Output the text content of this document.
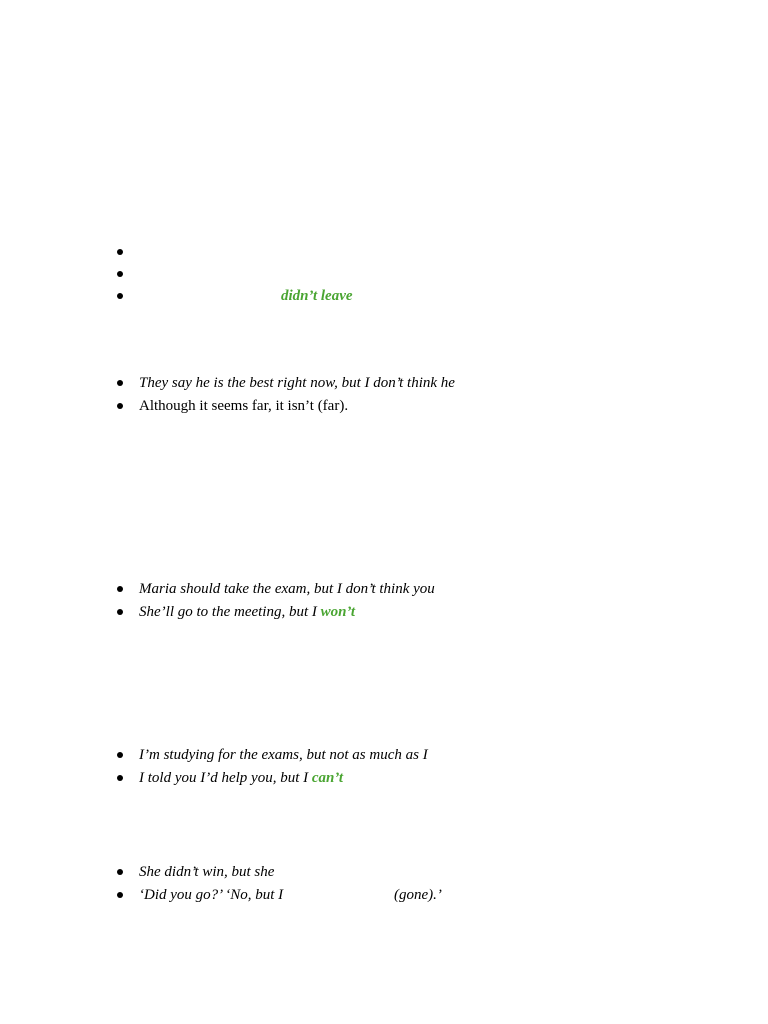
didn’t leave
They say he is the best right now, but I don’t think he
Although it seems far, it isn’t (far).
Maria should take the exam, but I don’t think you
She’ll go to the meeting, but I won’t
I’m studying for the exams, but not as much as I
I told you I’d help you, but I can’t
She didn’t win, but she
‘Did you go?’ ‘No, but I	(gone).’
